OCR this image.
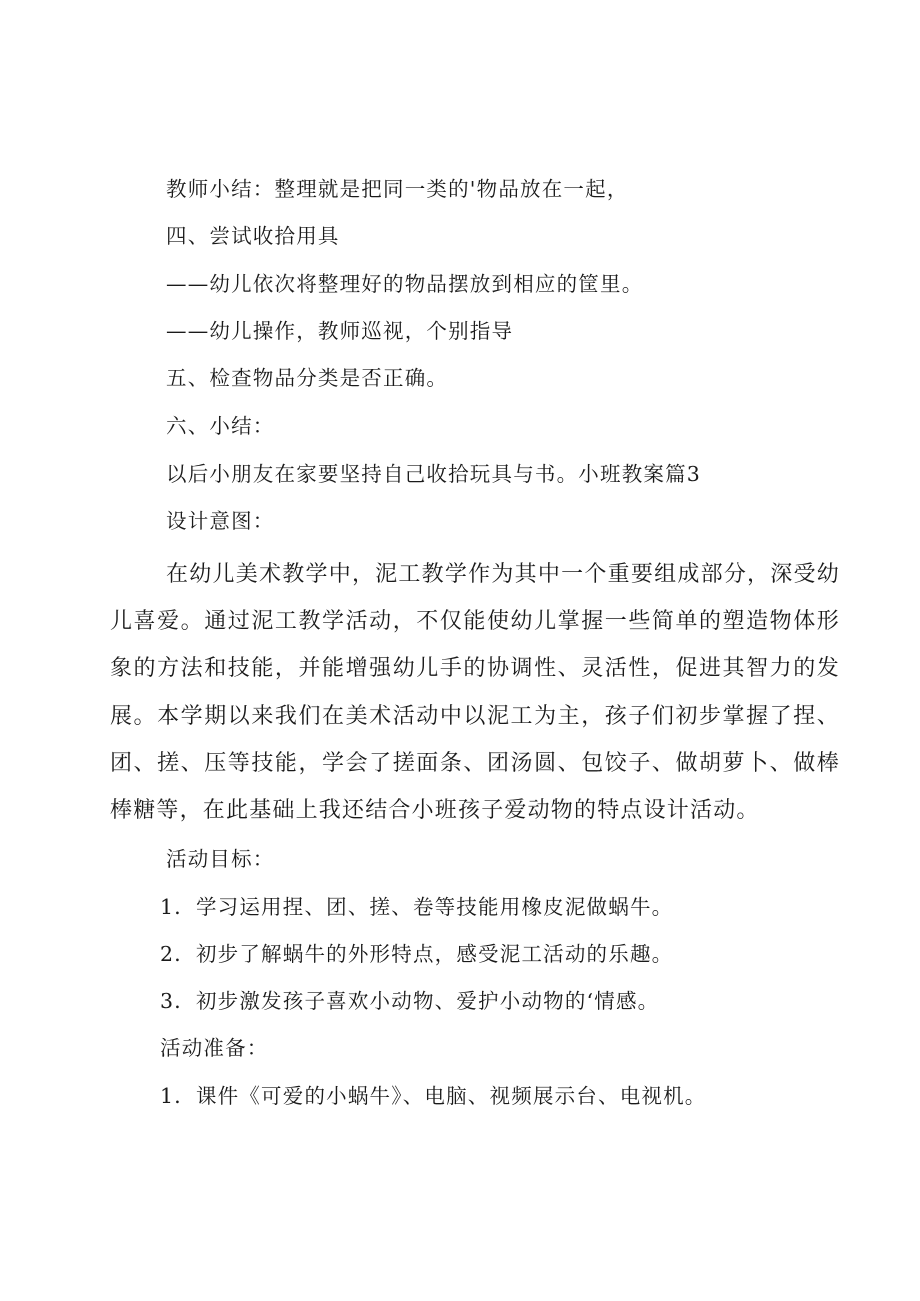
教师小结：整理就是把同一类的'物品放在一起，
四、尝试收拾用具
——幼儿依次将整理好的物品摆放到相应的筐里。
——幼儿操作，教师巡视，个别指导
五、检查物品分类是否正确。
六、小结：
以后小朋友在家要坚持自己收拾玩具与书。小班教案篇3
设计意图：
在幼儿美术教学中，泥工教学作为其中一个重要组成部分，深受幼儿喜爱。通过泥工教学活动，不仅能使幼儿掌握一些简单的塑造物体形象的方法和技能，并能增强幼儿手的协调性、灵活性，促进其智力的发展。本学期以来我们在美术活动中以泥工为主，孩子们初步掌握了捏、团、搓、压等技能，学会了搓面条、团汤圆、包饺子、做胡萝卜、做棒棒糖等，在此基础上我还结合小班孩子爱动物的特点设计活动。
活动目标：
1．学习运用捏、团、搓、卷等技能用橡皮泥做蜗牛。
2．初步了解蜗牛的外形特点，感受泥工活动的乐趣。
3．初步激发孩子喜欢小动物、爱护小动物的‘情感。
活动准备：
1．课件《可爱的小蜗牛》、电脑、视频展示台、电视机。
